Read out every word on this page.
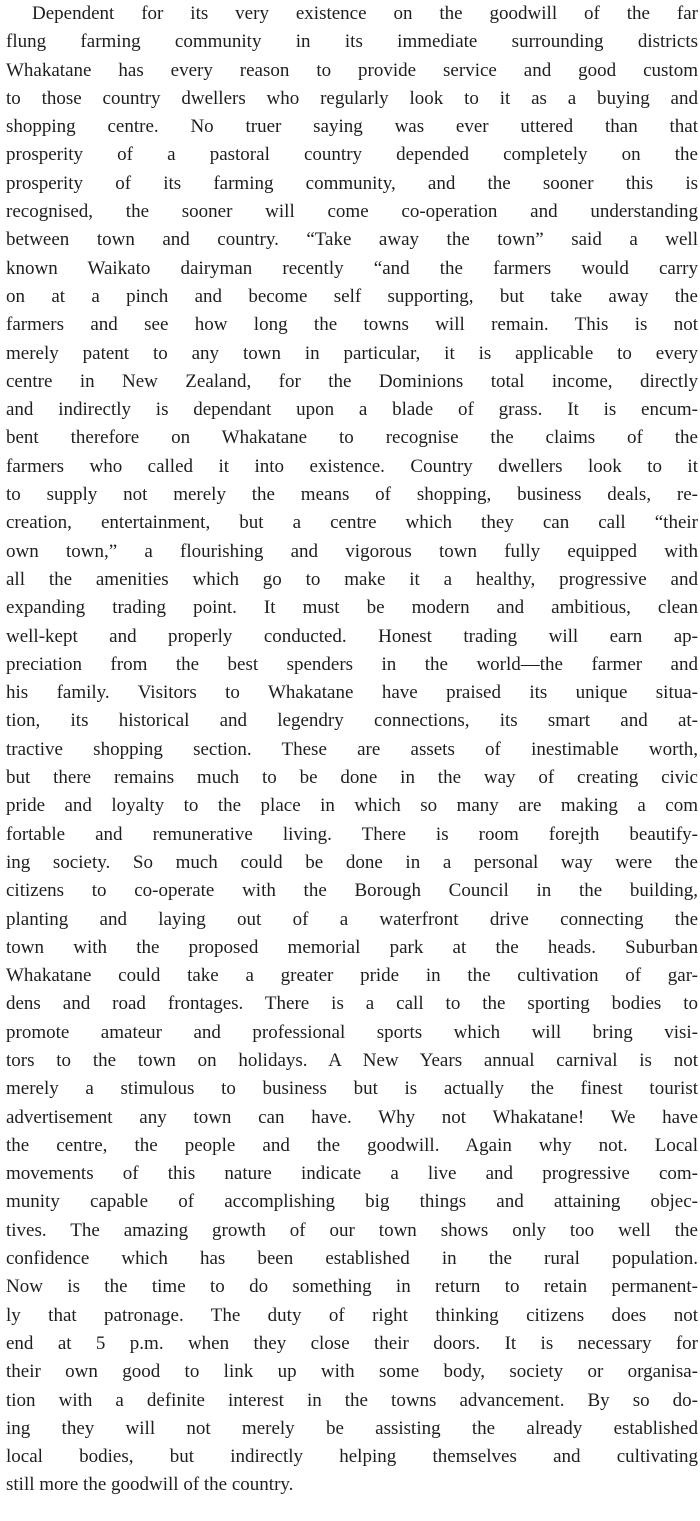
Dependent for its very existence on the goodwill of the far
flung farming community in its immediate surrounding districts
Whakatane has every reason to provide service and good custom
to those country dwellers who regularly look to it as a buying and
shopping centre. No truer saying was ever uttered than that
prosperity of a pastoral country depended completely on the
prosperity of its farming community, and the sooner this is
recognised, the sooner will come co-operation and understanding
between town and country. “Take away the town” said a well
known Waikato dairyman recently “and the farmers would carry
on at a pinch and become self supporting, but take away the
farmers and see how long the towns will remain. This is not
merely patent to any town in particular, it is applicable to every
centre in New Zealand, for the Dominions total income, directly
and indirectly is dependant upon a blade of grass. It is encum-
bent therefore on Whakatane to recognise the claims of the
farmers who called it into existence. Country dwellers look to it
to supply not merely the means of shopping, business deals, re-
creation, entertainment, but a centre which they can call “their
own town,” a flourishing and vigorous town fully equipped with
all the amenities which go to make it a healthy, progressive and
expanding trading point. It must be modern and ambitious, clean
well-kept and properly conducted. Honest trading will earn ap-
preciation from the best spenders in the world—the farmer and
his family. Visitors to Whakatane have praised its unique situa-
tion, its historical and legendry connections, its smart and at-
tractive shopping section. These are assets of inestimable worth,
but there remains much to be done in the way of creating civic
pride and loyalty to the place in which so many are making a com
fortable and remunerative living. There is room forejth beautify-
ing society. So much could be done in a personal way were the
citizens to co-operate with the Borough Council in the building,
planting and laying out of a waterfront drive connecting the
town with the proposed memorial park at the heads. Suburban
Whakatane could take a greater pride in the cultivation of gar-
dens and road frontages. There is a call to the sporting bodies to
promote amateur and professional sports which will bring visi-
tors to the town on holidays. A New Years annual carnival is not
merely a stimulous to business but is actually the finest tourist
advertisement any town can have. Why not Whakatane! We have
the centre, the people and the goodwill. Again why not. Local
movements of this nature indicate a live and progressive com-
munity capable of accomplishing big things and attaining objec-
tives. The amazing growth of our town shows only too well the
confidence which has been established in the rural population.
Now is the time to do something in return to retain permanent-
ly that patronage. The duty of right thinking citizens does not
end at 5 p.m. when they close their doors. It is necessary for
their own good to link up with some body, society or organisa-
tion with a definite interest in the towns advancement. By so do-
ing they will not merely be assisting the already established
local bodies, but indirectly helping themselves and cultivating
still more the goodwill of the country.
